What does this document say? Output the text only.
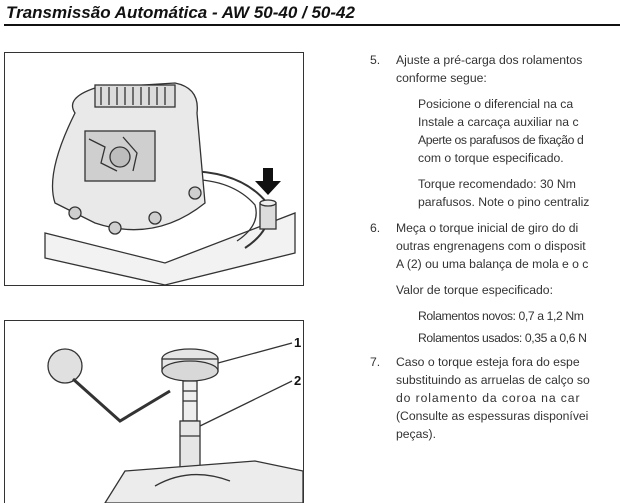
Transmissão Automática - AW 50-40 / 50-42
1
2
5. Ajuste a pré-carga dos rolamentos
conforme segue:
Posicione o diferencial na ca
Instale a carcaça auxiliar na c
Aperte os parafusos de fixação d
com o torque especificado.
Torque recomendado: 30 Nm
parafusos. Note o pino centraliz
6. Meça o torque inicial de giro do di
outras engrenagens com o disposit
A (2) ou uma balança de mola e o c
Valor de torque especificado:
Rolamentos novos: 0,7 a 1,2 Nm
Rolamentos usados: 0,35 a 0,6 N
7. Caso o torque esteja fora do espe
substituindo as arruelas de calço so
do rolamento da coroa na car
(Consulte as espessuras disponívei
peças).
